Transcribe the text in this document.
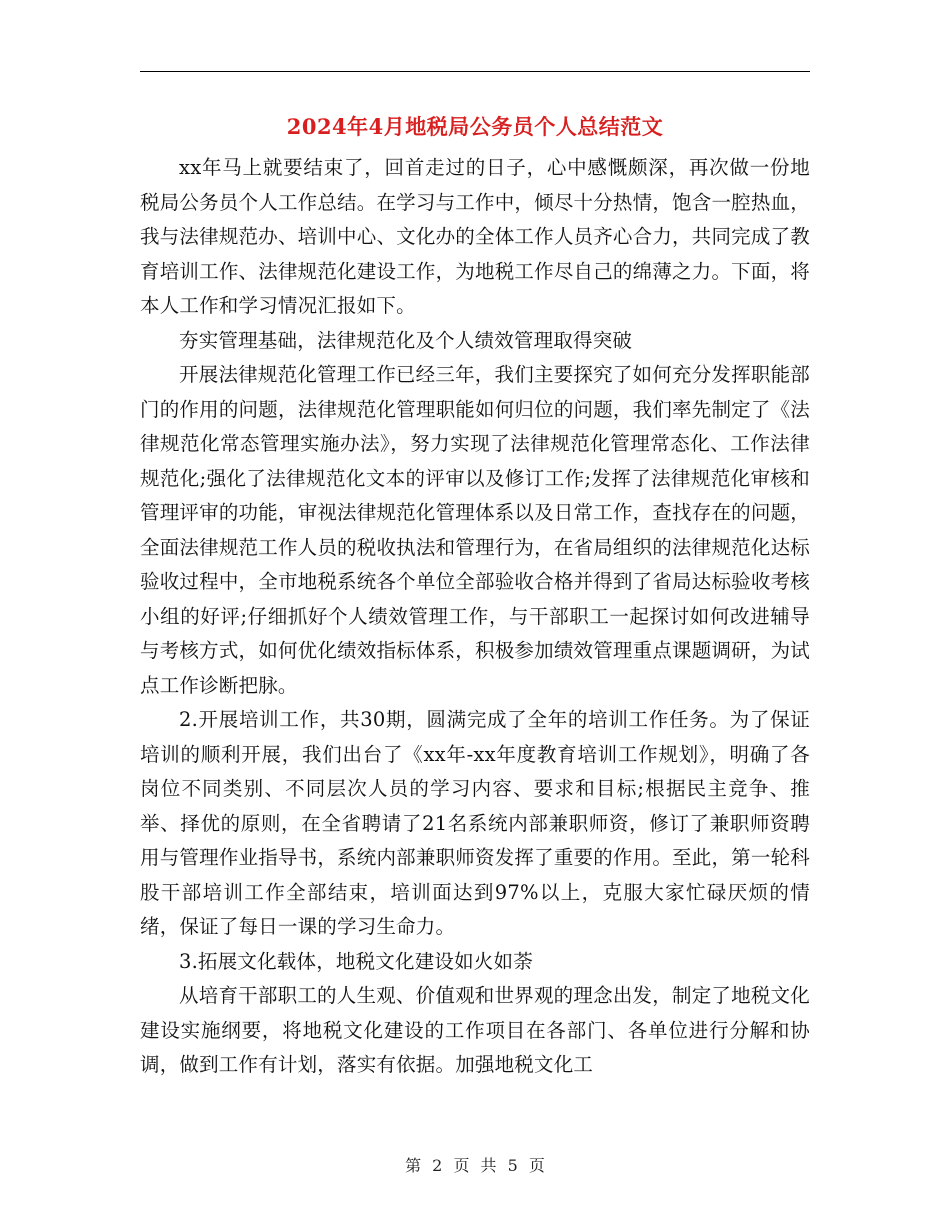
2024年4月地税局公务员个人总结范文

xx年马上就要结束了，回首走过的日子，心中感慨颇深，再次做一份地税局公务员个人工作总结。在学习与工作中，倾尽十分热情，饱含一腔热血，我与法律规范办、培训中心、文化办的全体工作人员齐心合力，共同完成了教育培训工作、法律规范化建设工作，为地税工作尽自己的绵薄之力。下面，将本人工作和学习情况汇报如下。

夯实管理基础，法律规范化及个人绩效管理取得突破

开展法律规范化管理工作已经三年，我们主要探究了如何充分发挥职能部门的作用的问题，法律规范化管理职能如何归位的问题，我们率先制定了《法律规范化常态管理实施办法》，努力实现了法律规范化管理常态化、工作法律规范化;强化了法律规范化文本的评审以及修订工作;发挥了法律规范化审核和管理评审的功能，审视法律规范化管理体系以及日常工作，查找存在的问题，全面法律规范工作人员的税收执法和管理行为，在省局组织的法律规范化达标验收过程中，全市地税系统各个单位全部验收合格并得到了省局达标验收考核小组的好评;仔细抓好个人绩效管理工作，与干部职工一起探讨如何改进辅导与考核方式，如何优化绩效指标体系，积极参加绩效管理重点课题调研，为试点工作诊断把脉。

2.开展培训工作，共30期，圆满完成了全年的培训工作任务。为了保证培训的顺利开展，我们出台了《xx年-xx年度教育培训工作规划》，明确了各岗位不同类别、不同层次人员的学习内容、要求和目标;根据民主竞争、推举、择优的原则，在全省聘请了21名系统内部兼职师资，修订了兼职师资聘用与管理作业指导书，系统内部兼职师资发挥了重要的作用。至此，第一轮科股干部培训工作全部结束，培训面达到97%以上，克服大家忙碌厌烦的情绪，保证了每日一课的学习生命力。

3.拓展文化载体，地税文化建设如火如荼

从培育干部职工的人生观、价值观和世界观的理念出发，制定了地税文化建设实施纲要，将地税文化建设的工作项目在各部门、各单位进行分解和协调，做到工作有计划，落实有依据。加强地税文化工

第 2 页 共 5 页
